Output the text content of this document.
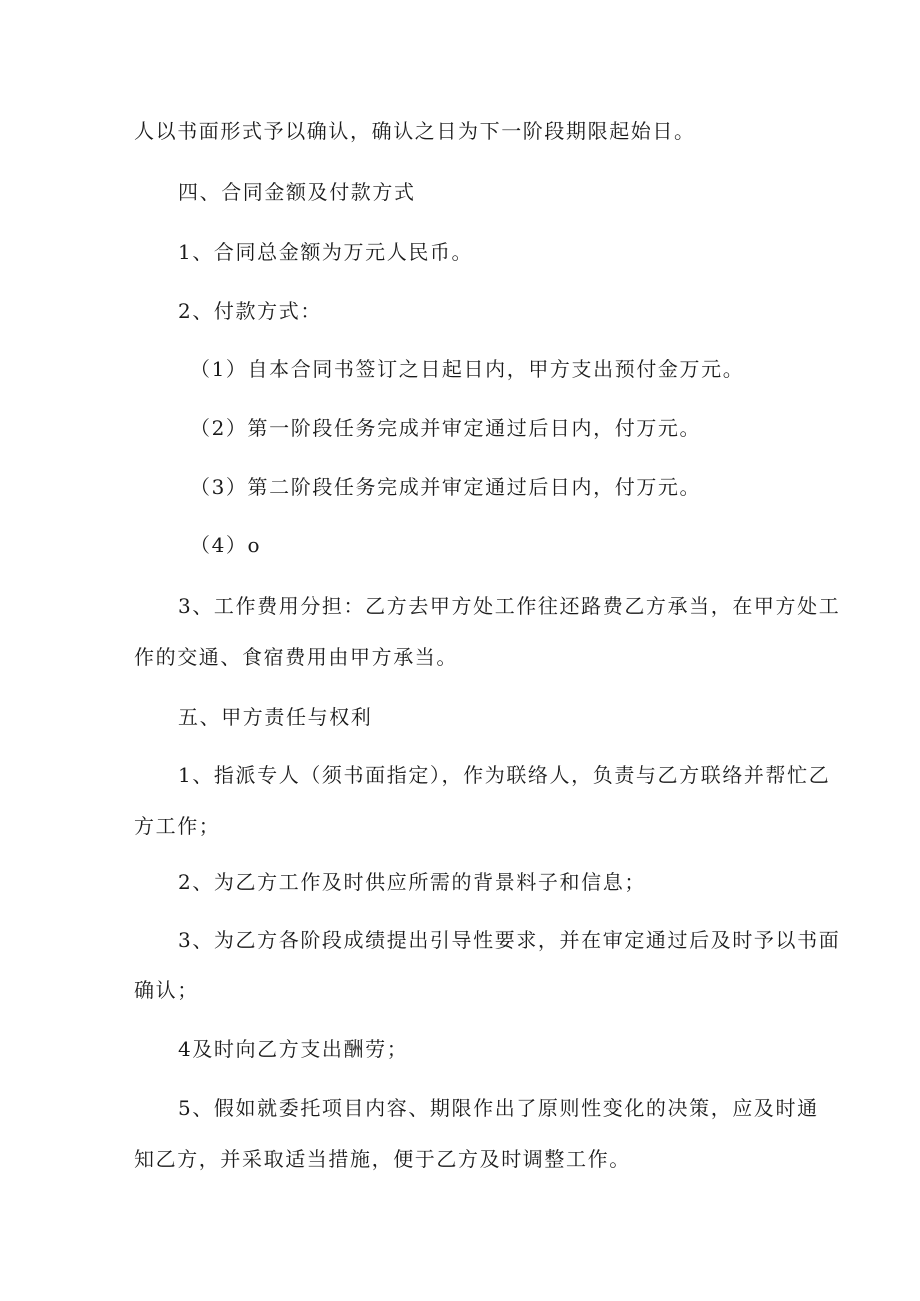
人以书面形式予以确认，确认之日为下一阶段期限起始日。
四、合同金额及付款方式
1、合同总金额为万元人民币。
2、付款方式：
（1）自本合同书签订之日起日内，甲方支出预付金万元。
（2）第一阶段任务完成并审定通过后日内，付万元。
（3）第二阶段任务完成并审定通过后日内，付万元。
（4）o
3、工作费用分担：乙方去甲方处工作往还路费乙方承当，在甲方处工
作的交通、食宿费用由甲方承当。
五、甲方责任与权利
1、指派专人（须书面指定），作为联络人，负责与乙方联络并帮忙乙
方工作；
2、为乙方工作及时供应所需的背景料子和信息；
3、为乙方各阶段成绩提出引导性要求，并在审定通过后及时予以书面
确认；
4及时向乙方支出酬劳；
5、假如就委托项目内容、期限作出了原则性变化的决策，应及时通
知乙方，并采取适当措施，便于乙方及时调整工作。
